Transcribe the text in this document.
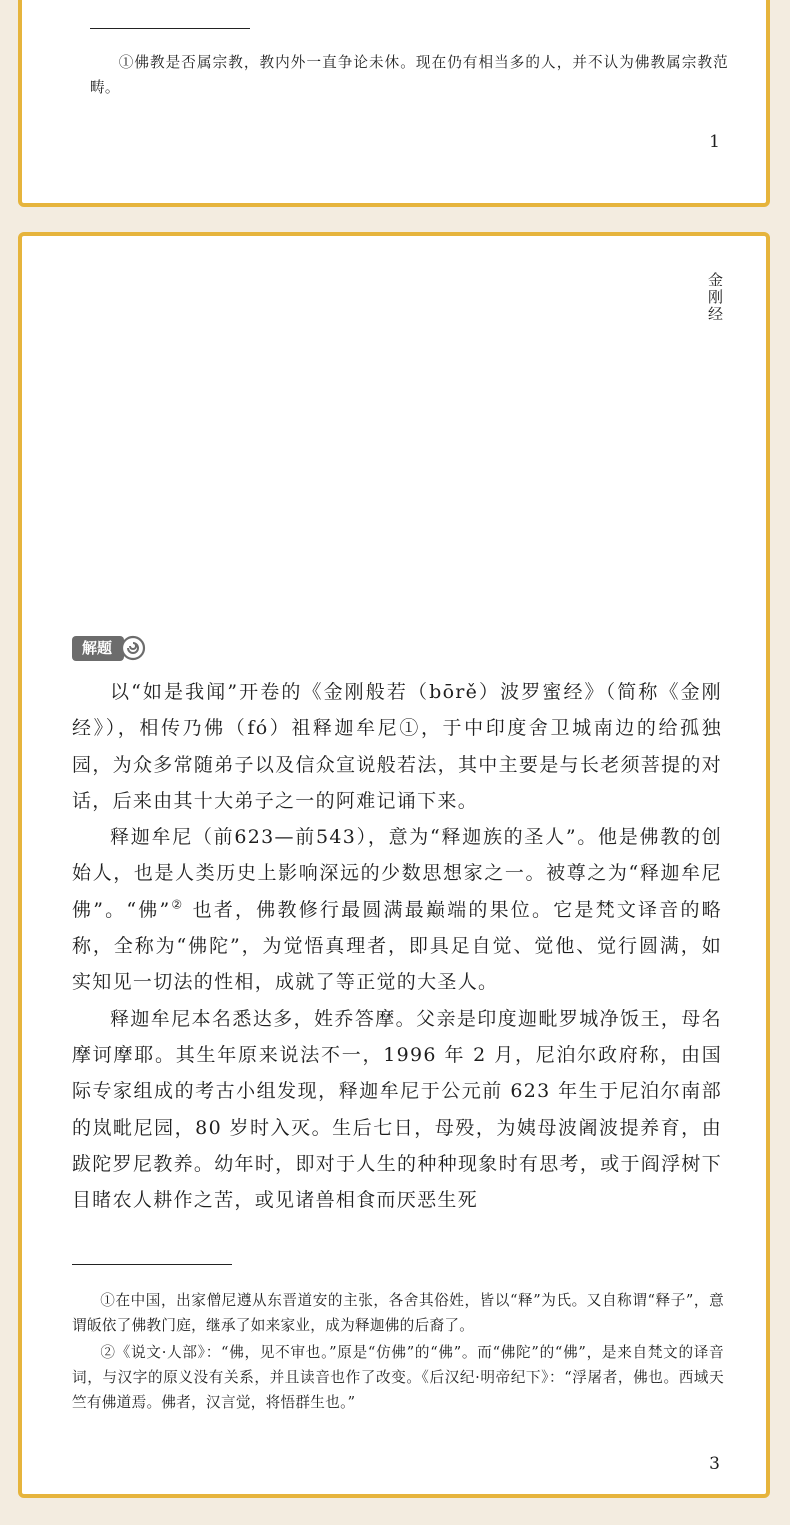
①佛教是否属宗教，教内外一直争论未休。现在仍有相当多的人，并不认为佛教属宗教范畴。

1
金刚经
解题

以“如是我闻”开卷的《金刚般若（bōrě）波罗蜜经》（简称《金刚经》），相传乃佛（fó）祖释迦牟尼①，于中印度舍卫城南边的给孤独园，为众多常随弟子以及信众宣说般若法，其中主要是与长老须菩提的对话，后来由其十大弟子之一的阿难记诵下来。

释迦牟尼（前623—前543），意为“释迦族的圣人”。他是佛教的创始人，也是人类历史上影响深远的少数思想家之一。被尊之为“释迦牟尼佛”。“佛”② 也者，佛教修行最圆满最巅端的果位。它是梵文译音的略称，全称为“佛陀”，为觉悟真理者，即具足自觉、觉他、觉行圆满，如实知见一切法的性相，成就了等正觉的大圣人。

释迦牟尼本名悉达多，姓乔答摩。父亲是印度迦毗罗城净饭王，母名摩诃摩耶。其生年原来说法不一，1996 年 2 月，尼泊尔政府称，由国际专家组成的考古小组发现，释迦牟尼于公元前 623 年生于尼泊尔南部的岚毗尼园，80 岁时入灭。生后七日，母殁，为姨母波阇波提养育，由跋陀罗尼教养。幼年时，即对于人生的种种现象时有思考，或于阎浮树下目睹农人耕作之苦，或见诸兽相食而厌恶生死

①在中国，出家僧尼遵从东晋道安的主张，各舍其俗姓，皆以“释”为氏。又自称谓“释子”，意谓皈依了佛教门庭，继承了如来家业，成为释迦佛的后裔了。

②《说文·人部》：“佛，见不审也。”原是“仿佛”的“佛”。而“佛陀”的“佛”，是来自梵文的译音词，与汉字的原义没有关系，并且读音也作了改变。《后汉纪·明帝纪下》：“浮屠者，佛也。西域天竺有佛道焉。佛者，汉言觉，将悟群生也。”

3
